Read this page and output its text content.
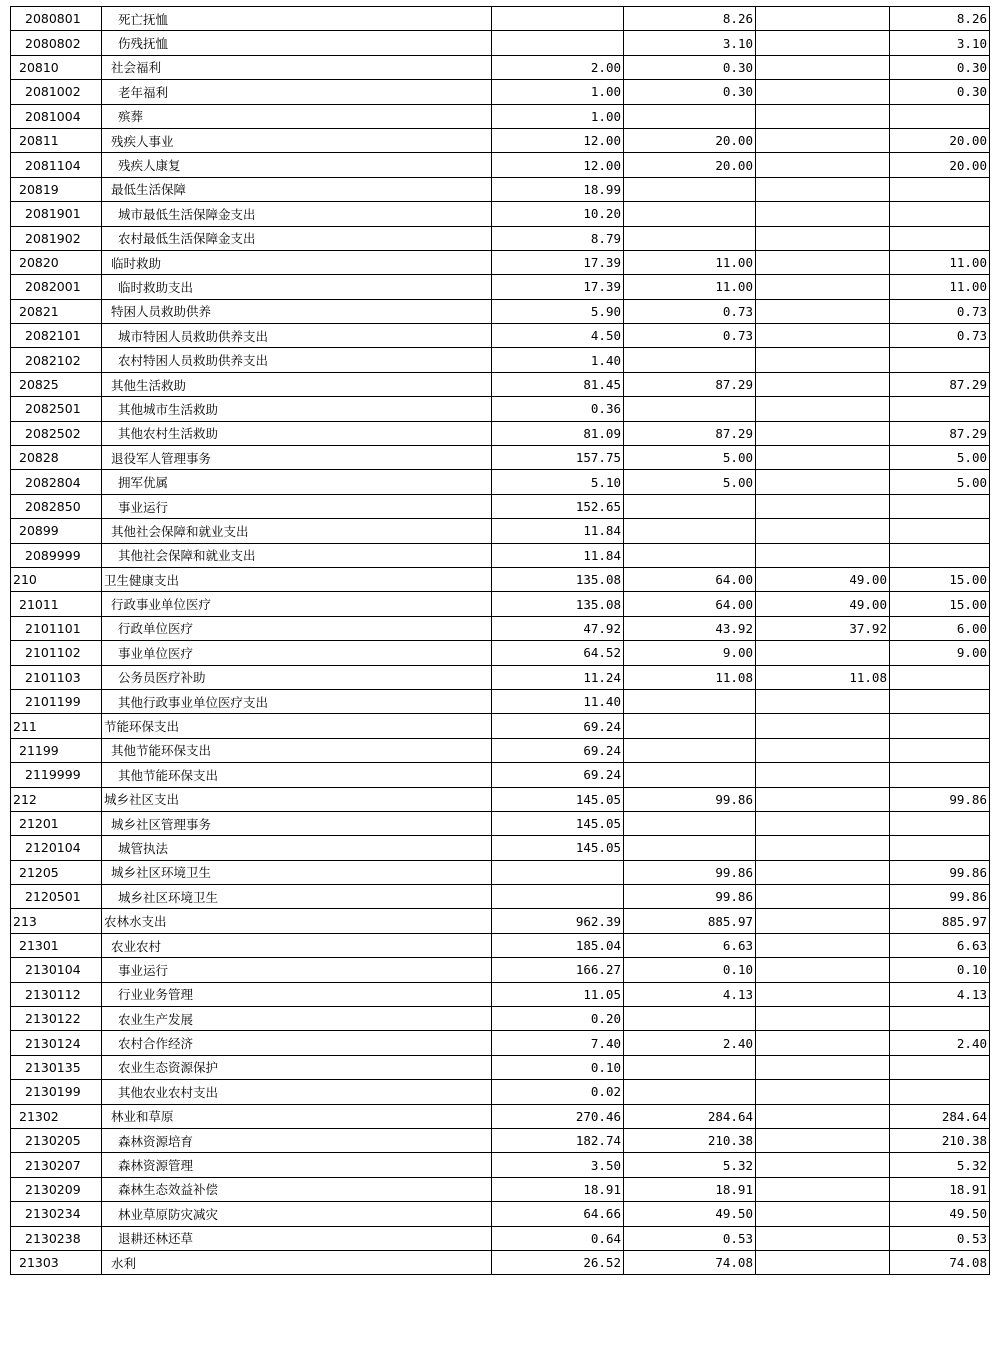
2080801	死亡抚恤		8.26		8.26
2080802	伤残抚恤		3.10		3.10
20810	社会福利	2.00	0.30		0.30
2081002	老年福利	1.00	0.30		0.30
2081004	殡葬	1.00			
20811	残疾人事业	12.00	20.00		20.00
2081104	残疾人康复	12.00	20.00		20.00
20819	最低生活保障	18.99			
2081901	城市最低生活保障金支出	10.20			
2081902	农村最低生活保障金支出	8.79			
20820	临时救助	17.39	11.00		11.00
2082001	临时救助支出	17.39	11.00		11.00
20821	特困人员救助供养	5.90	0.73		0.73
2082101	城市特困人员救助供养支出	4.50	0.73		0.73
2082102	农村特困人员救助供养支出	1.40			
20825	其他生活救助	81.45	87.29		87.29
2082501	其他城市生活救助	0.36			
2082502	其他农村生活救助	81.09	87.29		87.29
20828	退役军人管理事务	157.75	5.00		5.00
2082804	拥军优属	5.10	5.00		5.00
2082850	事业运行	152.65			
20899	其他社会保障和就业支出	11.84			
2089999	其他社会保障和就业支出	11.84			
210	卫生健康支出	135.08	64.00	49.00	15.00
21011	行政事业单位医疗	135.08	64.00	49.00	15.00
2101101	行政单位医疗	47.92	43.92	37.92	6.00
2101102	事业单位医疗	64.52	9.00		9.00
2101103	公务员医疗补助	11.24	11.08	11.08	
2101199	其他行政事业单位医疗支出	11.40			
211	节能环保支出	69.24			
21199	其他节能环保支出	69.24			
2119999	其他节能环保支出	69.24			
212	城乡社区支出	145.05	99.86		99.86
21201	城乡社区管理事务	145.05			
2120104	城管执法	145.05			
21205	城乡社区环境卫生		99.86		99.86
2120501	城乡社区环境卫生		99.86		99.86
213	农林水支出	962.39	885.97		885.97
21301	农业农村	185.04	6.63		6.63
2130104	事业运行	166.27	0.10		0.10
2130112	行业业务管理	11.05	4.13		4.13
2130122	农业生产发展	0.20			
2130124	农村合作经济	7.40	2.40		2.40
2130135	农业生态资源保护	0.10			
2130199	其他农业农村支出	0.02			
21302	林业和草原	270.46	284.64		284.64
2130205	森林资源培育	182.74	210.38		210.38
2130207	森林资源管理	3.50	5.32		5.32
2130209	森林生态效益补偿	18.91	18.91		18.91
2130234	林业草原防灾减灾	64.66	49.50		49.50
2130238	退耕还林还草	0.64	0.53		0.53
21303	水利	26.52	74.08		74.08
